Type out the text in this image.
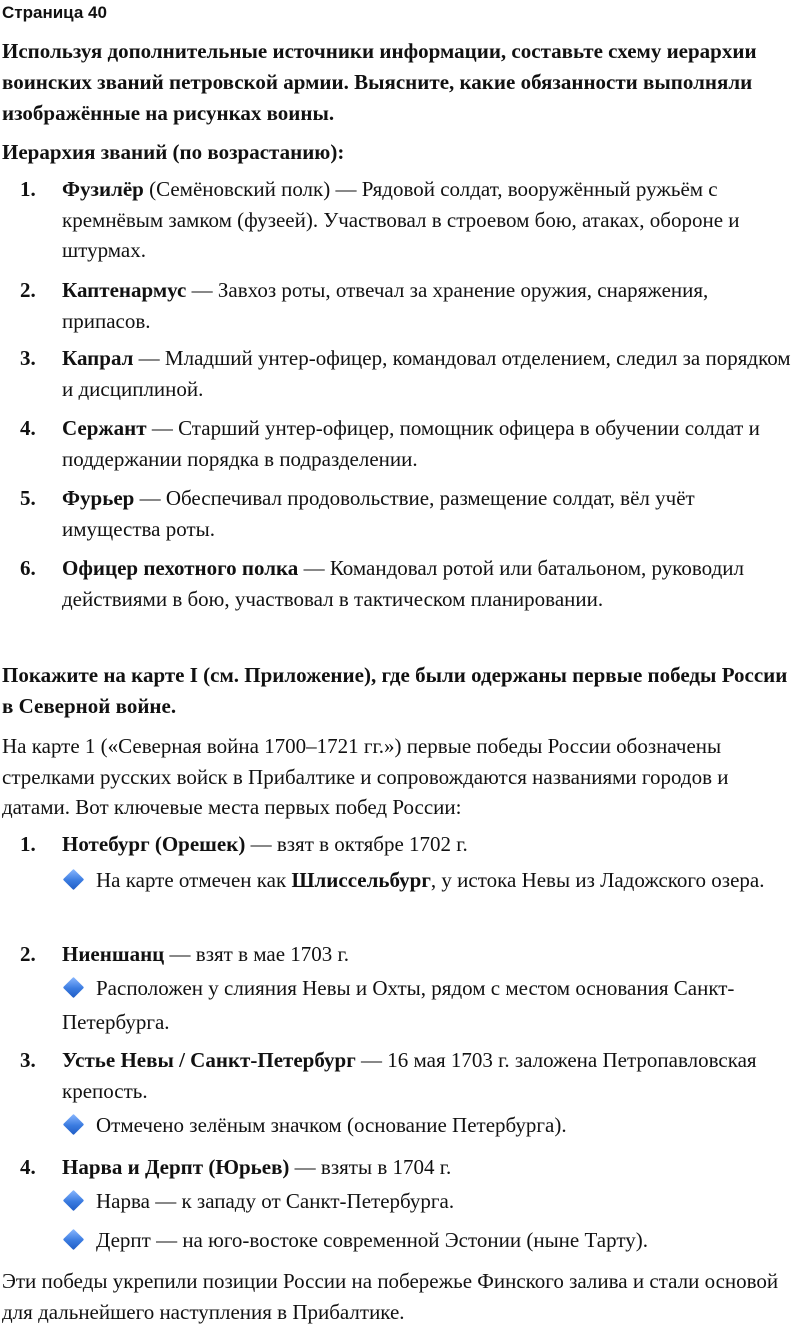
Страница 40

Используя дополнительные источники информации, составьте схему иерархии воинских званий петровской армии. Выясните, какие обязанности выполняли изображённые на рисунках воины.

Иерархия званий (по возрастанию):

1. Фузилёр (Семёновский полк) — Рядовой солдат, вооружённый ружьём с кремнёвым замком (фузеей). Участвовал в строевом бою, атаках, обороне и штурмах.
2. Каптенармус — Завхоз роты, отвечал за хранение оружия, снаряжения, припасов.
3. Капрал — Младший унтер-офицер, командовал отделением, следил за порядком и дисциплиной.
4. Сержант — Старший унтер-офицер, помощник офицера в обучении солдат и поддержании порядка в подразделении.
5. Фурьер — Обеспечивал продовольствие, размещение солдат, вёл учёт имущества роты.
6. Офицер пехотного полка — Командовал ротой или батальоном, руководил действиями в бою, участвовал в тактическом планировании.

Покажите на карте I (см. Приложение), где были одержаны первые победы России в Северной войне.

На карте 1 («Северная война 1700–1721 гг.») первые победы России обозначены стрелками русских войск в Прибалтике и сопровождаются названиями городов и датами. Вот ключевые места первых побед России:

1. Нотебург (Орешек) — взят в октябре 1702 г.
На карте отмечен как Шлиссельбург, у истока Невы из Ладожского озера.
2. Ниеншанц — взят в мае 1703 г.
Расположен у слияния Невы и Охты, рядом с местом основания Санкт-Петербурга.
3. Устье Невы / Санкт-Петербург — 16 мая 1703 г. заложена Петропавловская крепость.
Отмечено зелёным значком (основание Петербурга).
4. Нарва и Дерпт (Юрьев) — взяты в 1704 г.
Нарва — к западу от Санкт-Петербурга.
Дерпт — на юго-востоке современной Эстонии (ныне Тарту).

Эти победы укрепили позиции России на побережье Финского залива и стали основой для дальнейшего наступления в Прибалтике.
